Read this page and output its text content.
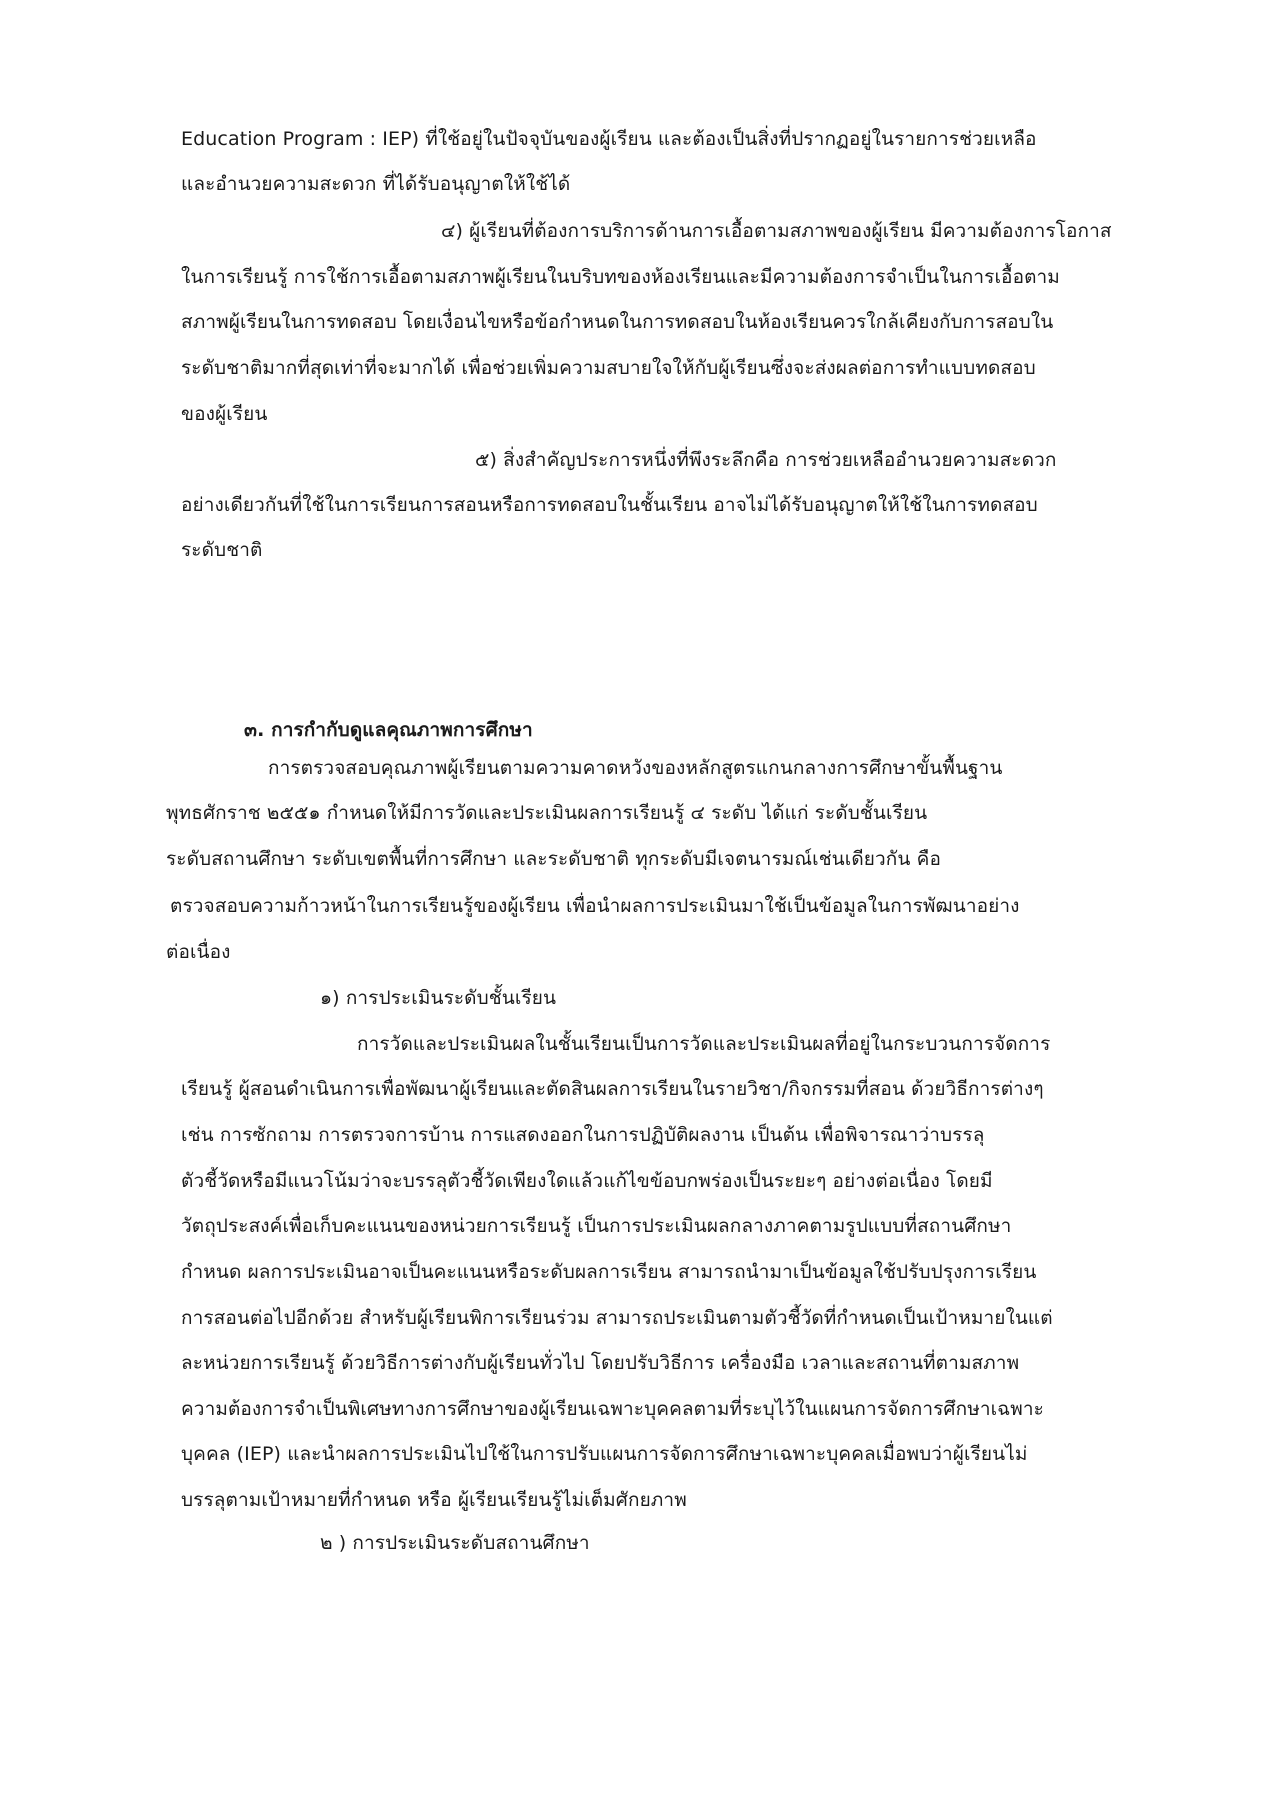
Education Program : IEP) ที่ใช้อยู่ในปัจจุบันของผู้เรียน และต้องเป็นสิ่งที่ปรากฏอยู่ในรายการช่วยเหลือ
และอำนวยความสะดวก ที่ได้รับอนุญาตให้ใช้ได้
๔) ผู้เรียนที่ต้องการบริการด้านการเอื้อตามสภาพของผู้เรียน มีความต้องการโอกาส
ในการเรียนรู้ การใช้การเอื้อตามสภาพผู้เรียนในบริบทของห้องเรียนและมีความต้องการจำเป็นในการเอื้อตาม
สภาพผู้เรียนในการทดสอบ โดยเงื่อนไขหรือข้อกำหนดในการทดสอบในห้องเรียนควรใกล้เคียงกับการสอบใน
ระดับชาติมากที่สุดเท่าที่จะมากได้ เพื่อช่วยเพิ่มความสบายใจให้กับผู้เรียนซึ่งจะส่งผลต่อการทำแบบทดสอบ
ของผู้เรียน
๕) สิ่งสำคัญประการหนึ่งที่พึงระลึกคือ การช่วยเหลืออำนวยความสะดวก
อย่างเดียวกันที่ใช้ในการเรียนการสอนหรือการทดสอบในชั้นเรียน อาจไม่ได้รับอนุญาตให้ใช้ในการทดสอบ
ระดับชาติ
๓. การกำกับดูแลคุณภาพการศึกษา
การตรวจสอบคุณภาพผู้เรียนตามความคาดหวังของหลักสูตรแกนกลางการศึกษาขั้นพื้นฐาน
พุทธศักราช ๒๕๕๑ กำหนดให้มีการวัดและประเมินผลการเรียนรู้ ๔ ระดับ ได้แก่ ระดับชั้นเรียน
ระดับสถานศึกษา ระดับเขตพื้นที่การศึกษา และระดับชาติ ทุกระดับมีเจตนารมณ์เช่นเดียวกัน คือ
ตรวจสอบความก้าวหน้าในการเรียนรู้ของผู้เรียน เพื่อนำผลการประเมินมาใช้เป็นข้อมูลในการพัฒนาอย่าง
ต่อเนื่อง
๑) การประเมินระดับชั้นเรียน
การวัดและประเมินผลในชั้นเรียนเป็นการวัดและประเมินผลที่อยู่ในกระบวนการจัดการ
เรียนรู้ ผู้สอนดำเนินการเพื่อพัฒนาผู้เรียนและตัดสินผลการเรียนในรายวิชา/กิจกรรมที่สอน ด้วยวิธีการต่างๆ
เช่น การซักถาม การตรวจการบ้าน การแสดงออกในการปฏิบัติผลงาน เป็นต้น เพื่อพิจารณาว่าบรรลุ
ตัวชี้วัดหรือมีแนวโน้มว่าจะบรรลุตัวชี้วัดเพียงใดแล้วแก้ไขข้อบกพร่องเป็นระยะๆ อย่างต่อเนื่อง โดยมี
วัตถุประสงค์เพื่อเก็บคะแนนของหน่วยการเรียนรู้ เป็นการประเมินผลกลางภาคตามรูปแบบที่สถานศึกษา
กำหนด ผลการประเมินอาจเป็นคะแนนหรือระดับผลการเรียน สามารถนำมาเป็นข้อมูลใช้ปรับปรุงการเรียน
การสอนต่อไปอีกด้วย สำหรับผู้เรียนพิการเรียนร่วม สามารถประเมินตามตัวชี้วัดที่กำหนดเป็นเป้าหมายในแต่
ละหน่วยการเรียนรู้ ด้วยวิธีการต่างกับผู้เรียนทั่วไป โดยปรับวิธีการ เครื่องมือ เวลาและสถานที่ตามสภาพ
ความต้องการจำเป็นพิเศษทางการศึกษาของผู้เรียนเฉพาะบุคคลตามที่ระบุไว้ในแผนการจัดการศึกษาเฉพาะ
บุคคล (IEP) และนำผลการประเมินไปใช้ในการปรับแผนการจัดการศึกษาเฉพาะบุคคลเมื่อพบว่าผู้เรียนไม่
บรรลุตามเป้าหมายที่กำหนด หรือ ผู้เรียนเรียนรู้ไม่เต็มศักยภาพ
๒ ) การประเมินระดับสถานศึกษา
